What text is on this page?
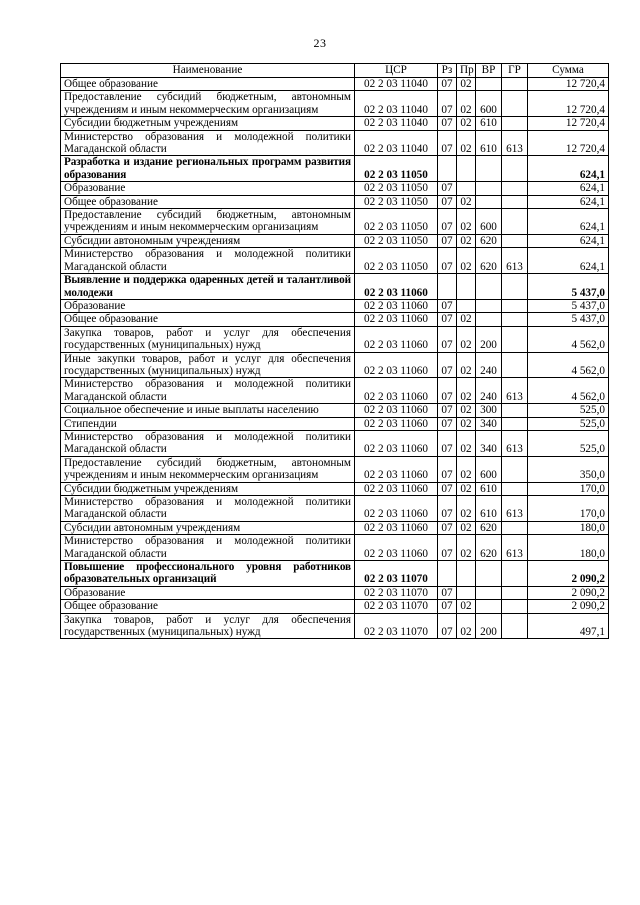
23
Наименование	ЦСР	Рз	Пр	ВР	ГР	Сумма
Общее образование	02 2 03 11040	07	02			12 720,4
Предоставление субсидий бюджетным, автономным учреждениям и иным некоммерческим организациям	02 2 03 11040	07	02	600		12 720,4
Субсидии бюджетным учреждениям	02 2 03 11040	07	02	610		12 720,4
Министерство образования и молодежной политики Магаданской области	02 2 03 11040	07	02	610	613	12 720,4
Разработка и издание региональных программ развития образования	02 2 03 11050					624,1
Образование	02 2 03 11050	07				624,1
Общее образование	02 2 03 11050	07	02			624,1
Предоставление субсидий бюджетным, автономным учреждениям и иным некоммерческим организациям	02 2 03 11050	07	02	600		624,1
Субсидии автономным учреждениям	02 2 03 11050	07	02	620		624,1
Министерство образования и молодежной политики Магаданской области	02 2 03 11050	07	02	620	613	624,1
Выявление и поддержка одаренных детей и талантливой молодежи	02 2 03 11060					5 437,0
Образование	02 2 03 11060	07				5 437,0
Общее образование	02 2 03 11060	07	02			5 437,0
Закупка товаров, работ и услуг для обеспечения государственных (муниципальных) нужд	02 2 03 11060	07	02	200		4 562,0
Иные закупки товаров, работ и услуг для обеспечения государственных (муниципальных) нужд	02 2 03 11060	07	02	240		4 562,0
Министерство образования и молодежной политики Магаданской области	02 2 03 11060	07	02	240	613	4 562,0
Социальное обеспечение и иные выплаты населению	02 2 03 11060	07	02	300		525,0
Стипендии	02 2 03 11060	07	02	340		525,0
Министерство образования и молодежной политики Магаданской области	02 2 03 11060	07	02	340	613	525,0
Предоставление субсидий бюджетным, автономным учреждениям и иным некоммерческим организациям	02 2 03 11060	07	02	600		350,0
Субсидии бюджетным учреждениям	02 2 03 11060	07	02	610		170,0
Министерство образования и молодежной политики Магаданской области	02 2 03 11060	07	02	610	613	170,0
Субсидии автономным учреждениям	02 2 03 11060	07	02	620		180,0
Министерство образования и молодежной политики Магаданской области	02 2 03 11060	07	02	620	613	180,0
Повышение профессионального уровня работников образовательных организаций	02 2 03 11070					2 090,2
Образование	02 2 03 11070	07				2 090,2
Общее образование	02 2 03 11070	07	02			2 090,2
Закупка товаров, работ и услуг для обеспечения государственных (муниципальных) нужд	02 2 03 11070	07	02	200		497,1
